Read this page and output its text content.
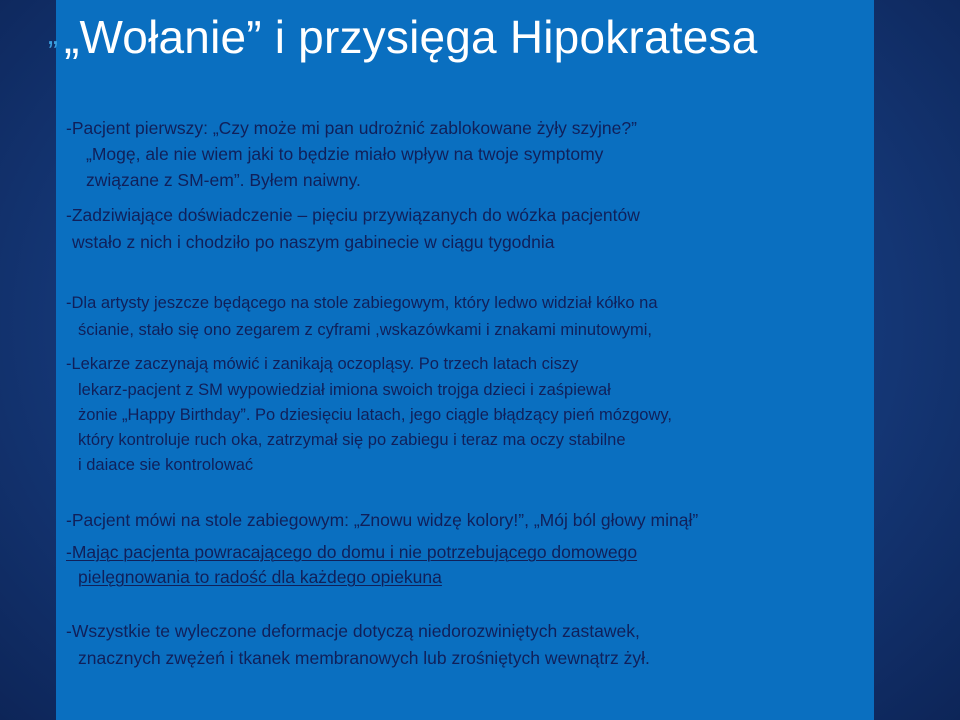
„ „Wołanie” i przysięga Hipokratesa
-Pacjent pierwszy: „Czy może mi pan udrożnić zablokowane żyły szyjne?”
„Mogę, ale nie wiem jaki to będzie miało wpływ na twoje symptomy
związane z SM-em”. Byłem naiwny.
-Zadziwiające doświadczenie – pięciu przywiązanych do wózka pacjentów
wstało z nich i chodziło po naszym gabinecie w ciągu tygodnia
-Dla artysty jeszcze będącego na stole zabiegowym, który ledwo widział kółko na
ścianie, stało się ono zegarem z cyframi ,wskazówkami i znakami minutowymi,
-Lekarze zaczynają mówić i zanikają oczopląsy. Po trzech latach ciszy
lekarz-pacjent z SM wypowiedział imiona swoich trojga dzieci i zaśpiewał
żonie „Happy Birthday”. Po dziesięciu latach, jego ciągle błądzący pień mózgowy,
który kontroluje ruch oka, zatrzymał się po zabiegu i teraz ma oczy stabilne
i daiace sie kontrolować
-Pacjent mówi na stole zabiegowym: „Znowu widzę kolory!”, „Mój ból głowy minął”
-Mając pacjenta powracającego do domu i nie potrzebującego domowego
pielęgnowania to radość dla każdego opiekuna
-Wszystkie te wyleczone deformacje dotyczą niedorozwiniętych zastawek,
znacznych zwężeń i tkanek membranowych lub zrośniętych wewnątrz żył.
